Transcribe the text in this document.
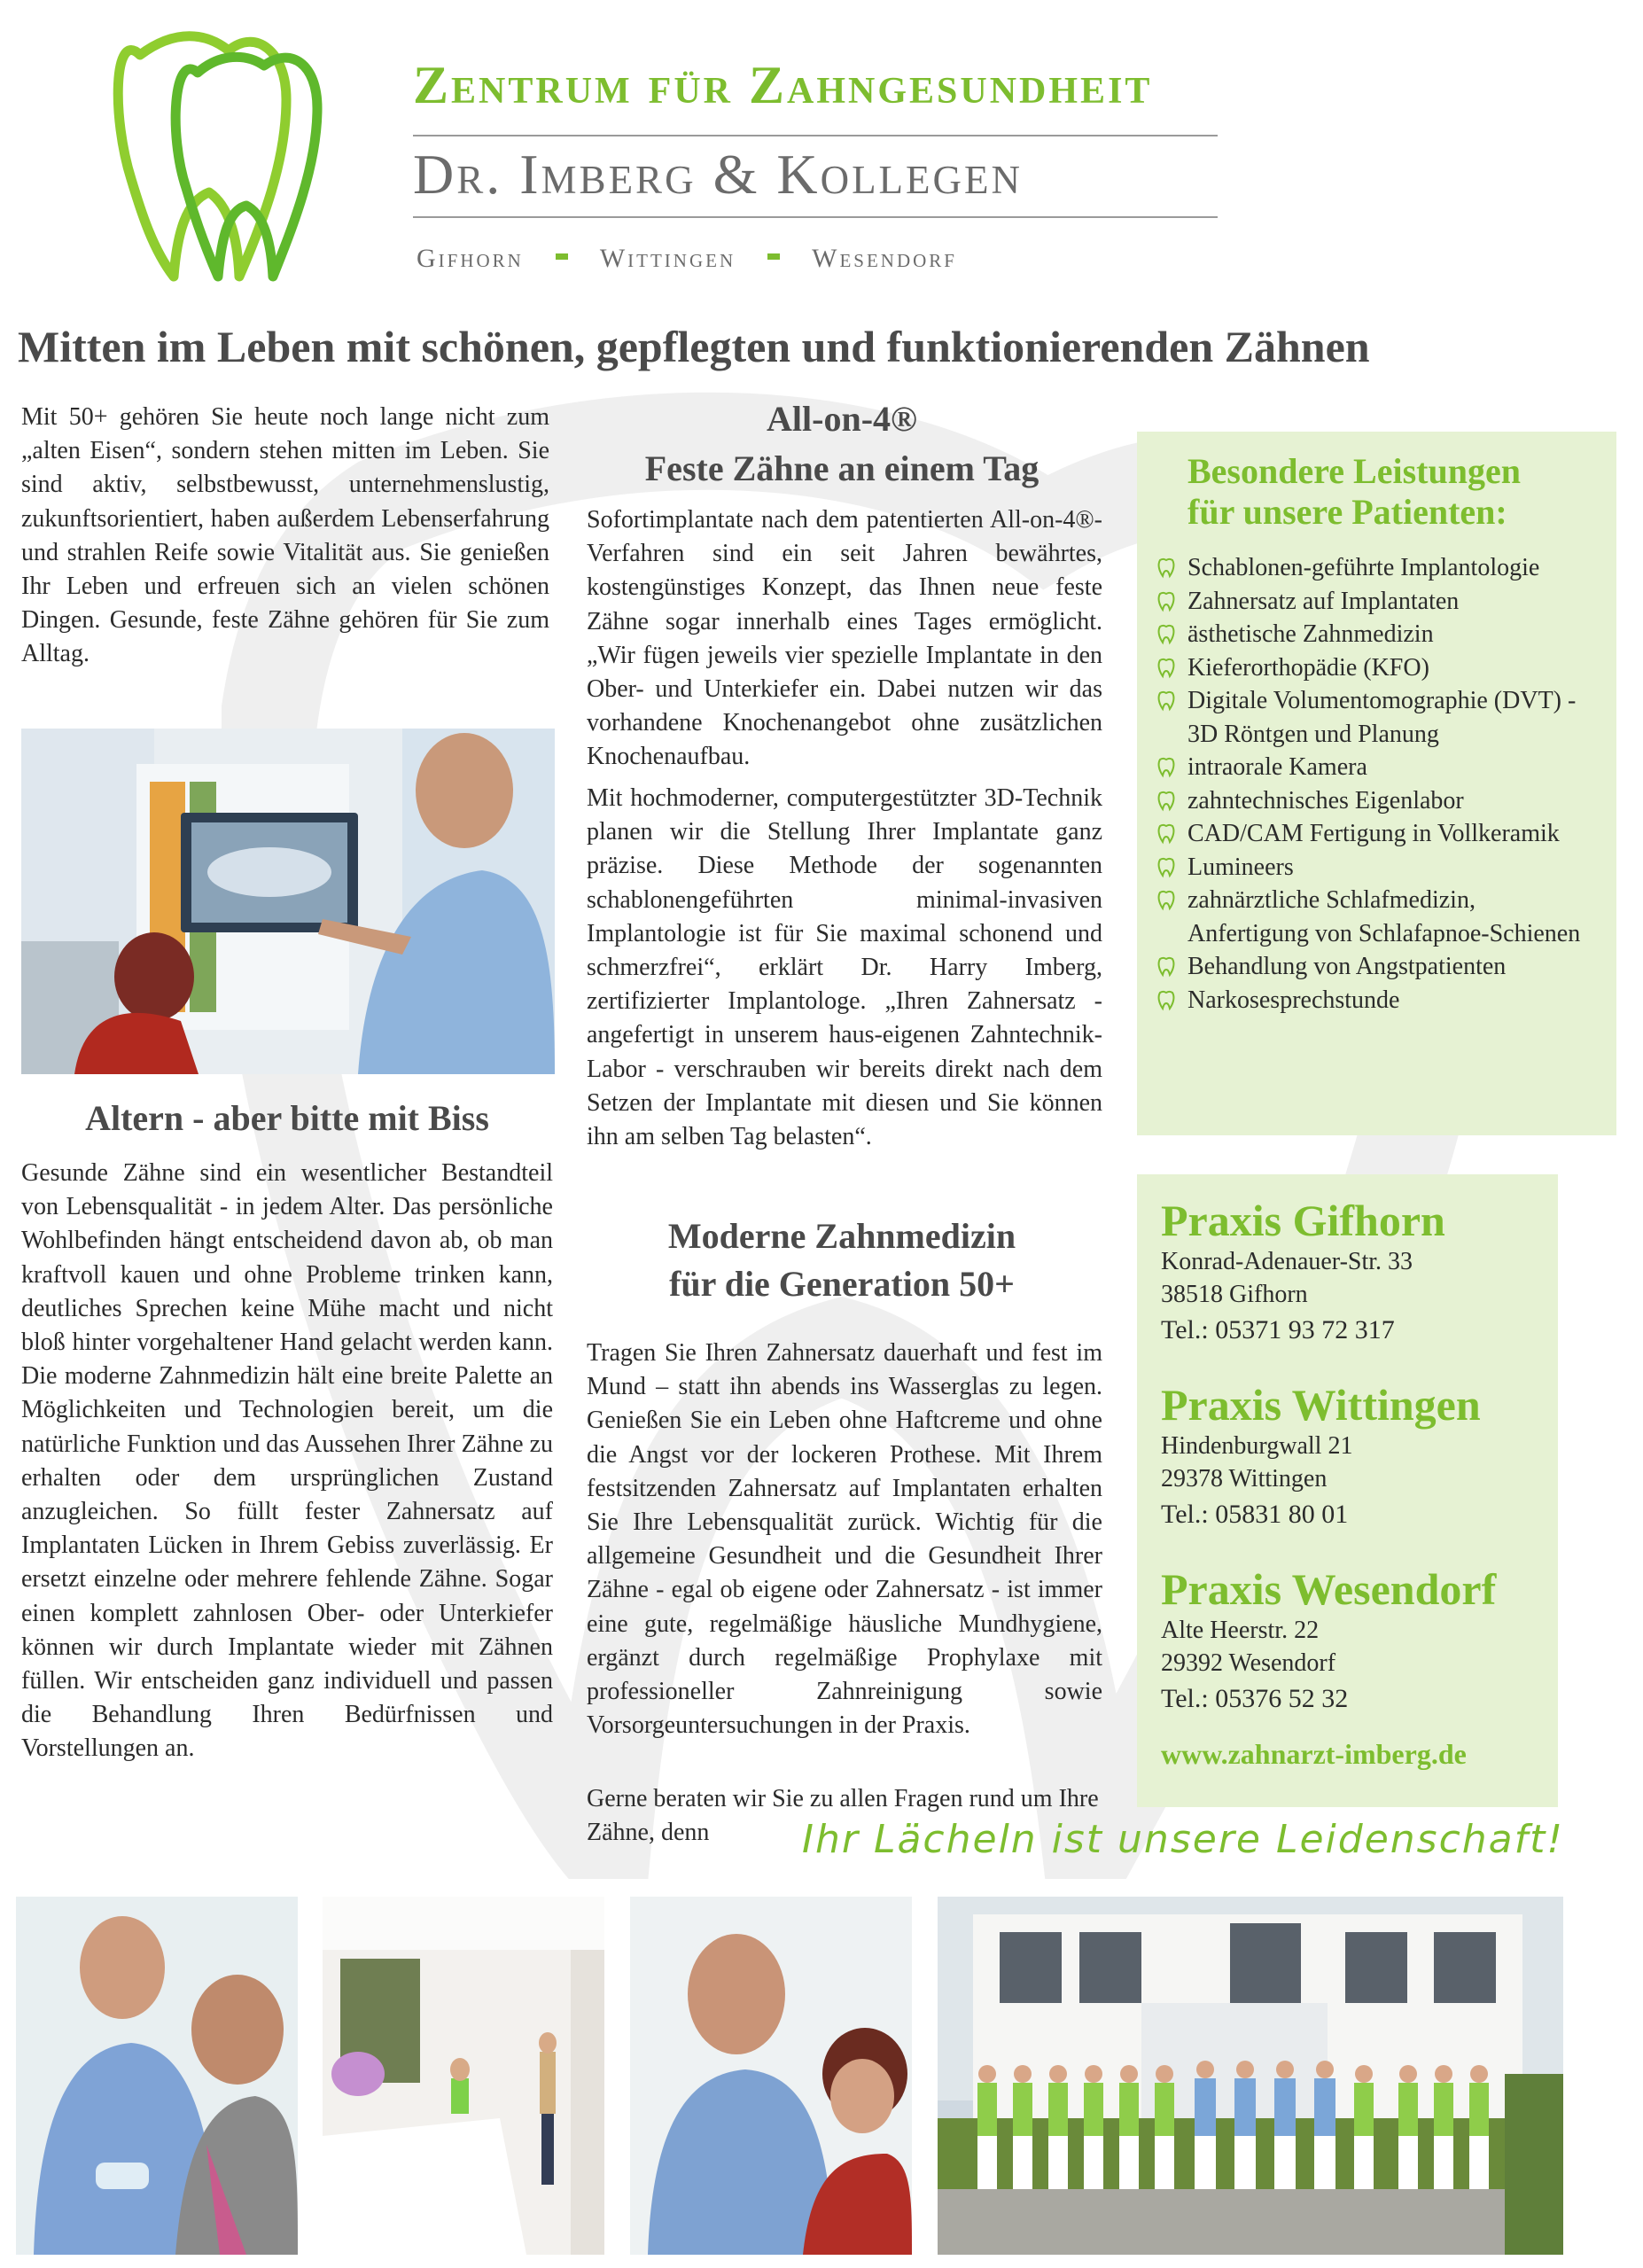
Zentrum für Zahngesundheit
Dr. Imberg & Kollegen
Gifhorn	Wittingen	Wesendorf
Mitten im Leben mit schönen, gepflegten und funktionierenden Zähnen
Mit 50+ gehören Sie heute noch lange nicht zum „alten Eisen“, sondern stehen mitten im Leben. Sie sind aktiv, selbstbewusst, unternehmenslustig, zukunftsorientiert, haben außerdem Lebenserfahrung und strahlen Reife sowie Vitalität aus. Sie genießen Ihr Leben und erfreuen sich an vielen schönen Dingen. Gesunde, feste Zähne gehören für Sie zum Alltag.
Altern - aber bitte mit Biss
Gesunde Zähne sind ein wesentlicher Bestandteil von Lebensqualität - in jedem Alter. Das persönliche Wohlbefinden hängt entscheidend davon ab, ob man kraftvoll kauen und ohne Probleme trinken kann, deutliches Sprechen keine Mühe macht und nicht bloß hinter vorgehaltener Hand gelacht werden kann. Die moderne Zahnmedizin hält eine breite Palette an Möglichkeiten und Technologien bereit, um die natürliche Funktion und das Aussehen Ihrer Zähne zu erhalten oder dem ursprünglichen Zustand anzugleichen. So füllt fester Zahnersatz auf Implantaten Lücken in Ihrem Gebiss zuverlässig. Er ersetzt einzelne oder mehrere fehlende Zähne. Sogar einen komplett zahnlosen Ober- oder Unterkiefer können wir durch Implantate wieder mit Zähnen füllen. Wir entscheiden ganz individuell und passen die Behandlung Ihren Bedürfnissen und Vorstellungen an.
All-on-4®
Feste Zähne an einem Tag
Sofortimplantate nach dem patentierten All-on-4®-Verfahren sind ein seit Jahren bewährtes, kostengünstiges Konzept, das Ihnen neue feste Zähne sogar innerhalb eines Tages ermöglicht. „Wir fügen jeweils vier spezielle Implantate in den Ober- und Unterkiefer ein. Dabei nutzen wir das vorhandene Knochenangebot ohne zusätzlichen Knochenaufbau.
Mit hochmoderner, computergestützter 3D-Technik planen wir die Stellung Ihrer Implantate ganz präzise. Diese Methode der sogenannten schablonengeführten minimal-invasiven Implantologie ist für Sie maximal schonend und schmerzfrei“, erklärt Dr. Harry Imberg, zertifizierter Implantologe. „Ihren Zahnersatz - angefertigt in unserem haus-eigenen Zahntechnik-Labor - verschrauben wir bereits direkt nach dem Setzen der Implantate mit diesen und Sie können ihn am selben Tag belasten“.
Moderne Zahnmedizin
für die Generation 50+
Tragen Sie Ihren Zahnersatz dauerhaft und fest im Mund – statt ihn abends ins Wasserglas zu legen. Genießen Sie ein Leben ohne Haftcreme und ohne die Angst vor der lockeren Prothese. Mit Ihrem festsitzenden Zahnersatz auf Implantaten erhalten Sie Ihre Lebensqualität zurück. Wichtig für die allgemeine Gesundheit und die Gesundheit Ihrer Zähne - egal ob eigene oder Zahnersatz - ist immer eine gute, regelmäßige häusliche Mundhygiene, ergänzt durch regelmäßige Prophylaxe mit professioneller Zahnreinigung sowie Vorsorgeuntersuchungen in der Praxis.
Gerne beraten wir Sie zu allen Fragen rund um Ihre Zähne, denn	Ihr Lächeln ist unsere Leidenschaft!
Besondere Leistungen
für unsere Patienten:
Schablonen-geführte Implantologie
Zahnersatz auf Implantaten
ästhetische Zahnmedizin
Kieferorthopädie (KFO)
Digitale Volumentomographie (DVT) - 3D Röntgen und Planung
intraorale Kamera
zahntechnisches Eigenlabor
CAD/CAM Fertigung in Vollkeramik
Lumineers
zahnärztliche Schlafmedizin, Anfertigung von Schlafapnoe-Schienen
Behandlung von Angstpatienten
Narkosesprechstunde
Praxis Gifhorn
Konrad-Adenauer-Str. 33
38518 Gifhorn
Tel.: 05371 93 72 317
Praxis Wittingen
Hindenburgwall 21
29378 Wittingen
Tel.: 05831 80 01
Praxis Wesendorf
Alte Heerstr. 22
29392 Wesendorf
Tel.: 05376 52 32
www.zahnarzt-imberg.de
